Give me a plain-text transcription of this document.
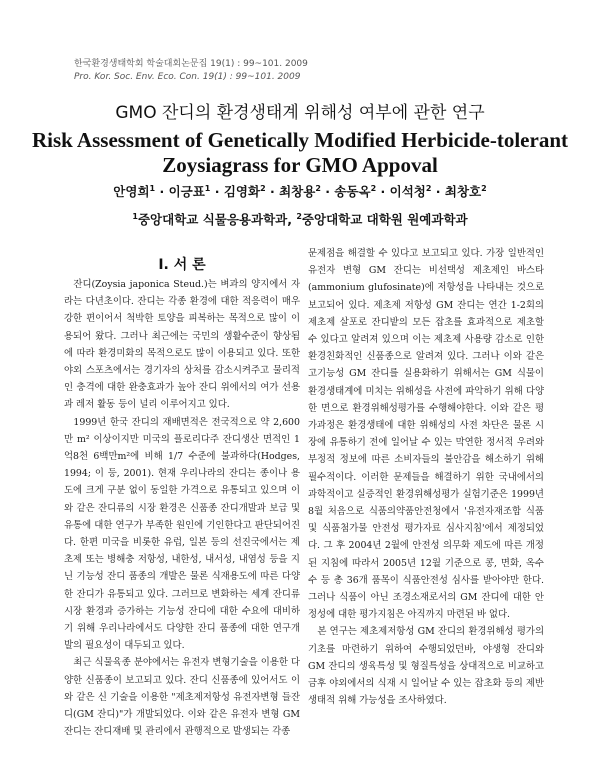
한국환경생태학회 학술대회논문집 19(1) : 99~101. 2009
Pro. Kor. Soc. Env. Eco. Con. 19(1) : 99~101. 2009
GMO 잔디의 환경생태계 위해성 여부에 관한 연구
Risk Assessment of Genetically Modified Herbicide-tolerant
Zoysiagrass for GMO Appoval
안영희$^1$ · 이긍표$^1$ · 김영화$^2$ · 최창용$^2$ · 송동옥$^2$ · 이석청$^2$ · 최창호$^2$
$^1$중앙대학교 식물응용과학과, $^2$중앙대학교 대학원 원예과학과
Ⅰ. 서 론

잔디(Zoysia japonica Steud.)는 벼과의 양지에서 자라는 다년초이다. 잔디는 각종 환경에 대한 적응력이 매우 강한 편이어서 척박한 토양을 피복하는 목적으로 많이 이용되어 왔다. 그러나 최근에는 국민의 생활수준이 향상됨에 따라 환경미화의 목적으로도 많이 이용되고 있다. 또한 야외 스포츠에서는 경기자의 상처를 감소시켜주고 물리적인 충격에 대한 완충효과가 높아 잔디 위에서의 여가 선용과 레저 활동 등이 널리 이루어지고 있다.

1999년 한국 잔디의 재배면적은 전국적으로 약 2,600만 m² 이상이지만 미국의 플로리다주 잔디생산 면적인 1억8천 6백만m²에 비해 1/7 수준에 불과하다(Hodges, 1994; 이 등, 2001). 현재 우리나라의 잔디는 종이나 용도에 크게 구분 없이 동일한 가격으로 유통되고 있으며 이와 같은 잔디류의 시장 환경은 신품종 잔디개발과 보급 및 유통에 대한 연구가 부족한 원인에 기인한다고 판단되어진다. 한편 미국을 비롯한 유럽, 일본 등의 선진국에서는 제초제 또는 병해충 저항성, 내한성, 내서성, 내염성 등을 지닌 기능성 잔디 품종의 개발은 물론 식재용도에 따른 다양한 잔디가 유통되고 있다. 그러므로 변화하는 세계 잔디류 시장 환경과 증가하는 기능성 잔디에 대한 수요에 대비하기 위해 우리나라에서도 다양한 잔디 품종에 대한 연구개발의 필요성이 대두되고 있다.

최근 식물육종 분야에서는 유전자 변형기술을 이용한 다양한 신품종이 보고되고 있다. 잔디 신품종에 있어서도 이와 같은 신 기술을 이용한 "제초제저항성 유전자변형 들잔디(GM 잔디)"가 개발되었다. 이와 같은 유전자 변형 GM 잔디는 잔디재배 및 관리에서 관행적으로 발생되는 각종

문제점을 해결할 수 있다고 보고되고 있다. 가장 일반적인 유전자 변형 GM 잔디는 비선택성 제초제인 바스타(ammonium glufosinate)에 저항성을 나타내는 것으로 보고되어 있다. 제초제 저항성 GM 잔디는 연간 1-2회의 제초제 살포로 잔디밭의 모든 잡초를 효과적으로 제초할 수 있다고 알려져 있으며 이는 제초제 사용량 감소로 인한 환경친화적인 신품종으로 알려져 있다. 그러나 이와 같은 고기능성 GM 잔디를 실용화하기 위해서는 GM 식물이 환경생태계에 미치는 위해성을 사전에 파악하기 위해 다양한 면으로 환경위해성평가를 수행해야한다. 이와 같은 평가과정은 환경생태에 대한 위해성의 사전 차단은 물론 시장에 유통하기 전에 일어날 수 있는 막연한 정서적 우려와 부정적 정보에 따른 소비자들의 불안감을 해소하기 위해 필수적이다. 이러한 문제들을 해결하기 위한 국내에서의 과학적이고 실증적인 환경위해성평가 실험기준은 1999년 8월 처음으로 식품의약품안전청에서 '유전자재조합 식품 및 식품첨가물 안전성 평가자료 심사지침'에서 제정되었다. 그 후 2004년 2월에 안전성 의무화 제도에 따른 개정된 지침에 따라서 2005년 12월 기준으로 콩, 면화, 옥수수 등 총 36개 품목이 식품안전성 심사를 받아야만 한다. 그러나 식품이 아닌 조경소재로서의 GM 잔디에 대한 안정성에 대한 평가지침은 아직까지 마련된 바 없다.

본 연구는 제초제저항성 GM 잔디의 환경위해성 평가의 기초를 마련하기 위하여 수행되었던바, 야생형 잔디와 GM 잔디의 생육특성 및 형질특성을 상대적으로 비교하고 금후 야외에서의 식재 시 일어날 수 있는 잡초화 등의 제반 생태적 위해 가능성을 조사하였다.
